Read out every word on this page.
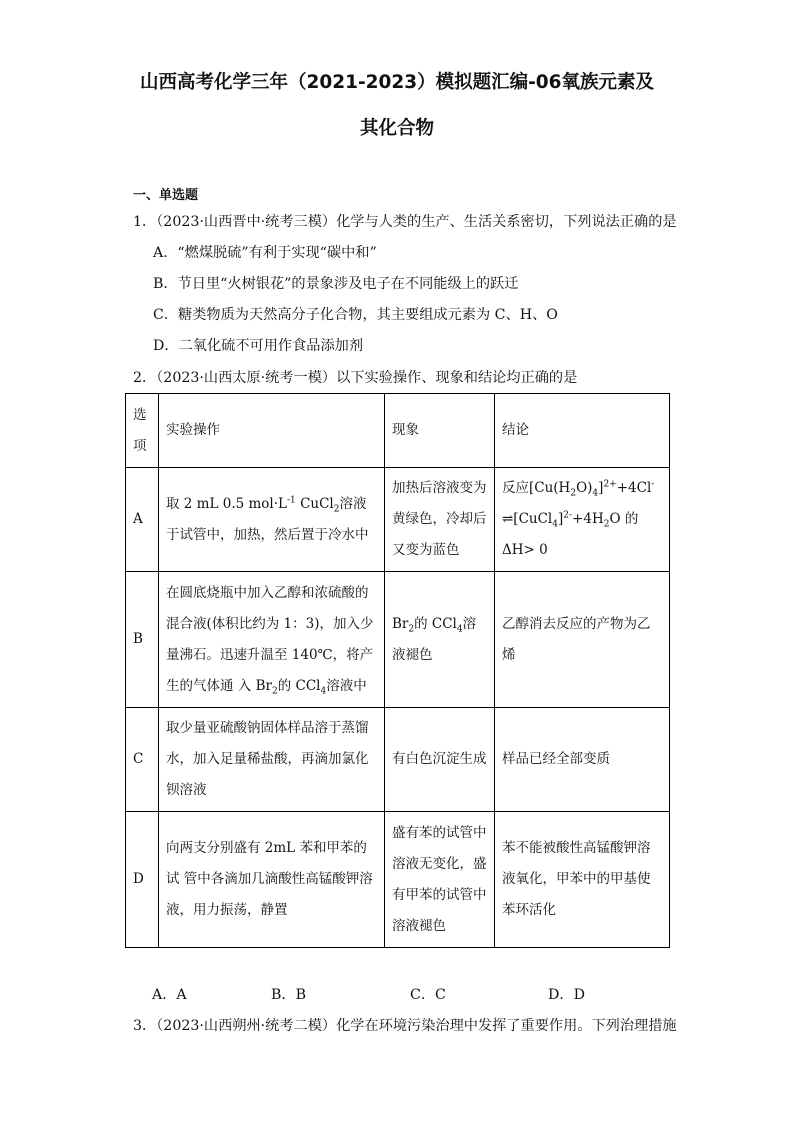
山西高考化学三年（2021-2023）模拟题汇编-06氧族元素及
其化合物
一、单选题
1．（2023·山西晋中·统考三模）化学与人类的生产、生活关系密切，下列说法正确的是
A．“燃煤脱硫”有利于实现“碳中和”
B．节日里“火树银花”的景象涉及电子在不同能级上的跃迁
C．糖类物质为天然高分子化合物，其主要组成元素为 C、H、O
D．二氧化硫不可用作食品添加剂
2．（2023·山西太原·统考一模）以下实验操作、现象和结论均正确的是
选项	实验操作	现象	结论
A	取 2 mL 0.5 $mol\cdot L^{-1}$ CuCl$_2$溶液于试管中，加热，然后置于冷水中	加热后溶液变为黄绿色，冷却后又变为蓝色	反应$[Cu(H_2O)_4]^{2+}+4Cl^-$ $\rightleftharpoons[CuCl_4]^{2-}+4H_2O$ 的 ΔH> 0
B	在圆底烧瓶中加入乙醇和浓硫酸的混合液(体积比约为 1：3)，加入少量沸石。迅速升温至 140℃，将产生的气体通 入 $Br_2$的 CCl$_4$溶液中	$Br_2$的 CCl$_4$溶液褪色	乙醇消去反应的产物为乙烯
C	取少量亚硫酸钠固体样品溶于蒸馏水，加入足量稀盐酸，再滴加氯化钡溶液	有白色沉淀生成	样品已经全部变质
D	向两支分别盛有 2mL 苯和甲苯的试 管中各滴加几滴酸性高锰酸钾溶液，用力振荡，静置	盛有苯的试管中溶液无变化，盛有甲苯的试管中溶液褪色	苯不能被酸性高锰酸钾溶液氧化，甲苯中的甲基使苯环活化
A．A	B．B	C．C	D．D
3．（2023·山西朔州·统考二模）化学在环境污染治理中发挥了重要作用。下列治理措施
